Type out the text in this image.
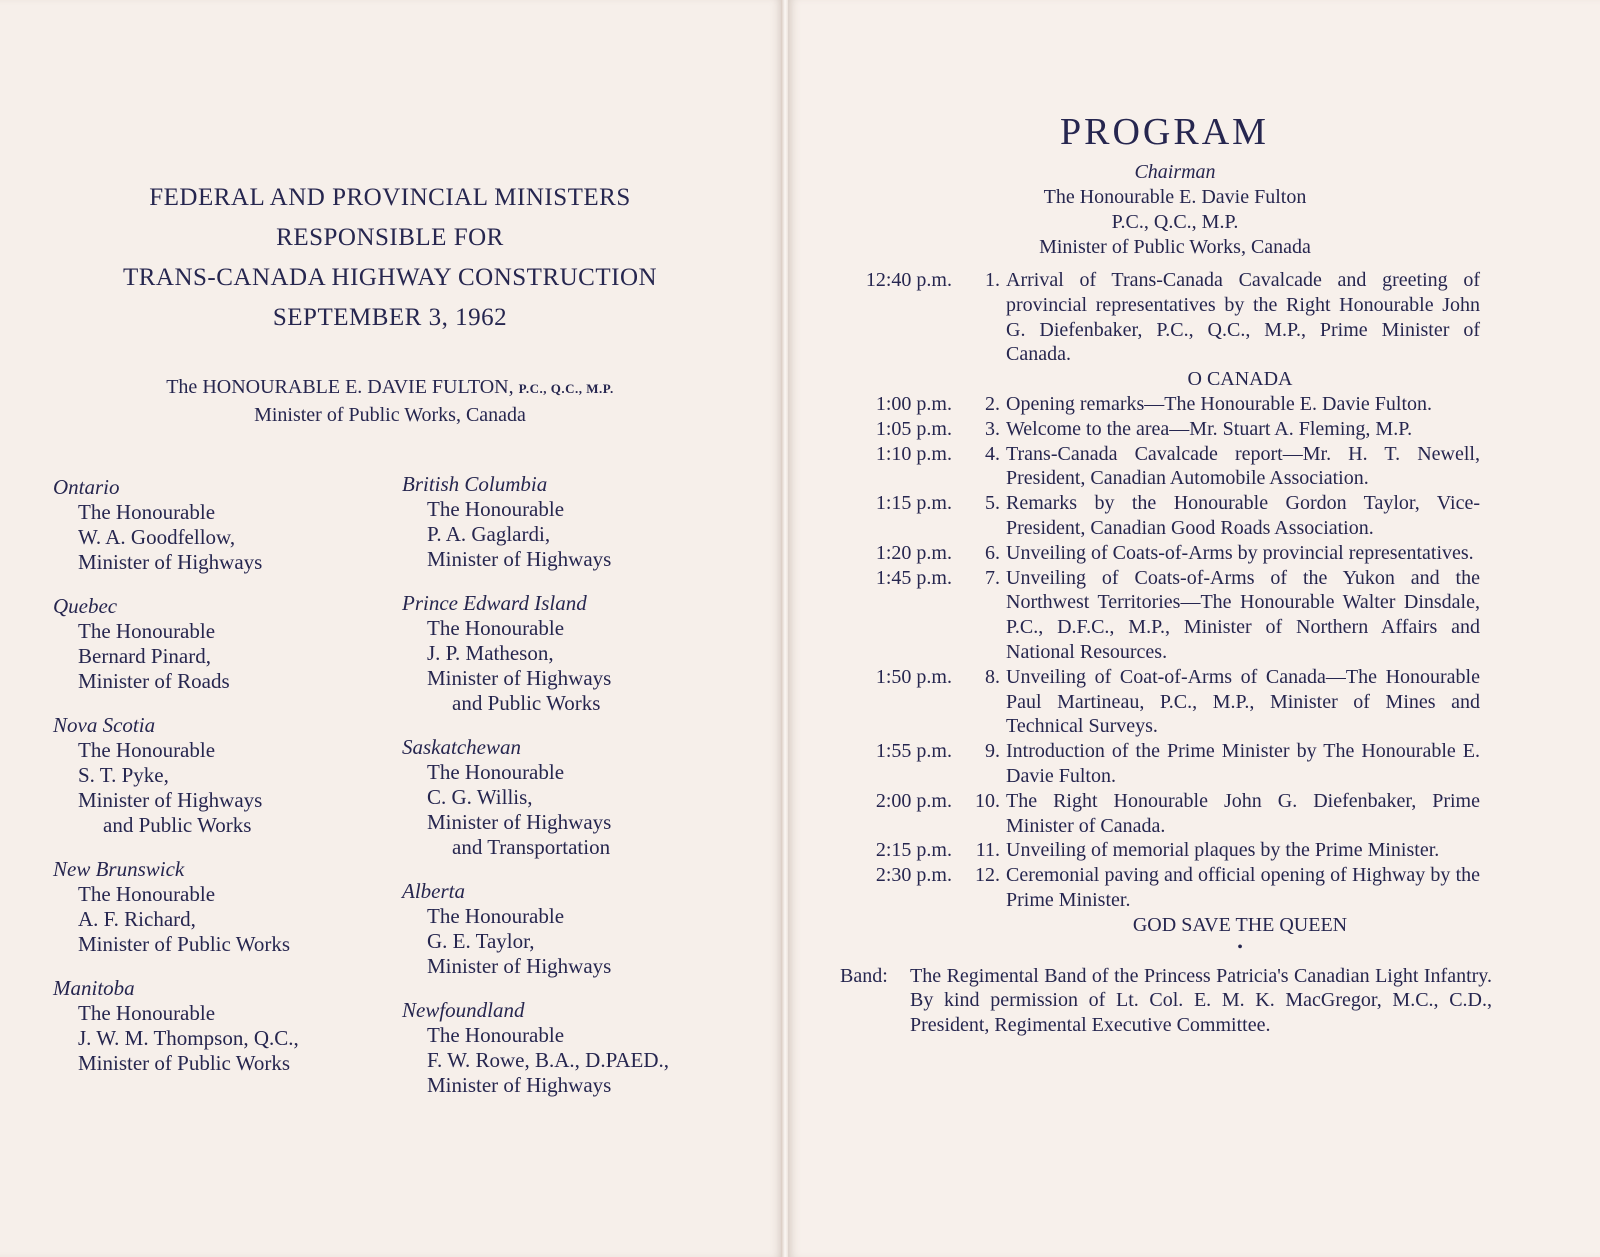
FEDERAL AND PROVINCIAL MINISTERS
RESPONSIBLE FOR
TRANS-CANADA HIGHWAY CONSTRUCTION
SEPTEMBER 3, 1962
The HONOURABLE E. DAVIE FULTON, P.C., Q.C., M.P.
Minister of Public Works, Canada
Ontario
The Honourable
W. A. Goodfellow,
Minister of Highways
Quebec
The Honourable
Bernard Pinard,
Minister of Roads
Nova Scotia
The Honourable
S. T. Pyke,
Minister of Highways
and Public Works
New Brunswick
The Honourable
A. F. Richard,
Minister of Public Works
Manitoba
The Honourable
J. W. M. Thompson, Q.C.,
Minister of Public Works
British Columbia
The Honourable
P. A. Gaglardi,
Minister of Highways
Prince Edward Island
The Honourable
J. P. Matheson,
Minister of Highways
and Public Works
Saskatchewan
The Honourable
C. G. Willis,
Minister of Highways
and Transportation
Alberta
The Honourable
G. E. Taylor,
Minister of Highways
Newfoundland
The Honourable
F. W. Rowe, B.A., D.PAED.,
Minister of Highways
PROGRAM
Chairman
The Honourable E. Davie Fulton
P.C., Q.C., M.P.
Minister of Public Works, Canada
12:40 p.m.	1. Arrival of Trans-Canada Cavalcade and greeting of provincial representatives by the Right Honourable John G. Diefenbaker, P.C., Q.C., M.P., Prime Minister of Canada.
O CANADA
1:00 p.m.	2. Opening remarks—The Honourable E. Davie Fulton.
1:05 p.m.	3. Welcome to the area—Mr. Stuart A. Fleming, M.P.
1:10 p.m.	4. Trans-Canada Cavalcade report—Mr. H. T. Newell, President, Canadian Automobile Association.
1:15 p.m.	5. Remarks by the Honourable Gordon Taylor, Vice-President, Canadian Good Roads Association.
1:20 p.m.	6. Unveiling of Coats-of-Arms by provincial representatives.
1:45 p.m.	7. Unveiling of Coats-of-Arms of the Yukon and the Northwest Territories—The Honourable Walter Dinsdale, P.C., D.F.C., M.P., Minister of Northern Affairs and National Resources.
1:50 p.m.	8. Unveiling of Coat-of-Arms of Canada—The Honourable Paul Martineau, P.C., M.P., Minister of Mines and Technical Surveys.
1:55 p.m.	9. Introduction of the Prime Minister by The Honourable E. Davie Fulton.
2:00 p.m.	10. The Right Honourable John G. Diefenbaker, Prime Minister of Canada.
2:15 p.m.	11. Unveiling of memorial plaques by the Prime Minister.
2:30 p.m.	12. Ceremonial paving and official opening of Highway by the Prime Minister.
GOD SAVE THE QUEEN
•
Band:	The Regimental Band of the Princess Patricia's Canadian Light Infantry. By kind permission of Lt. Col. E. M. K. MacGregor, M.C., C.D., President, Regimental Executive Committee.
